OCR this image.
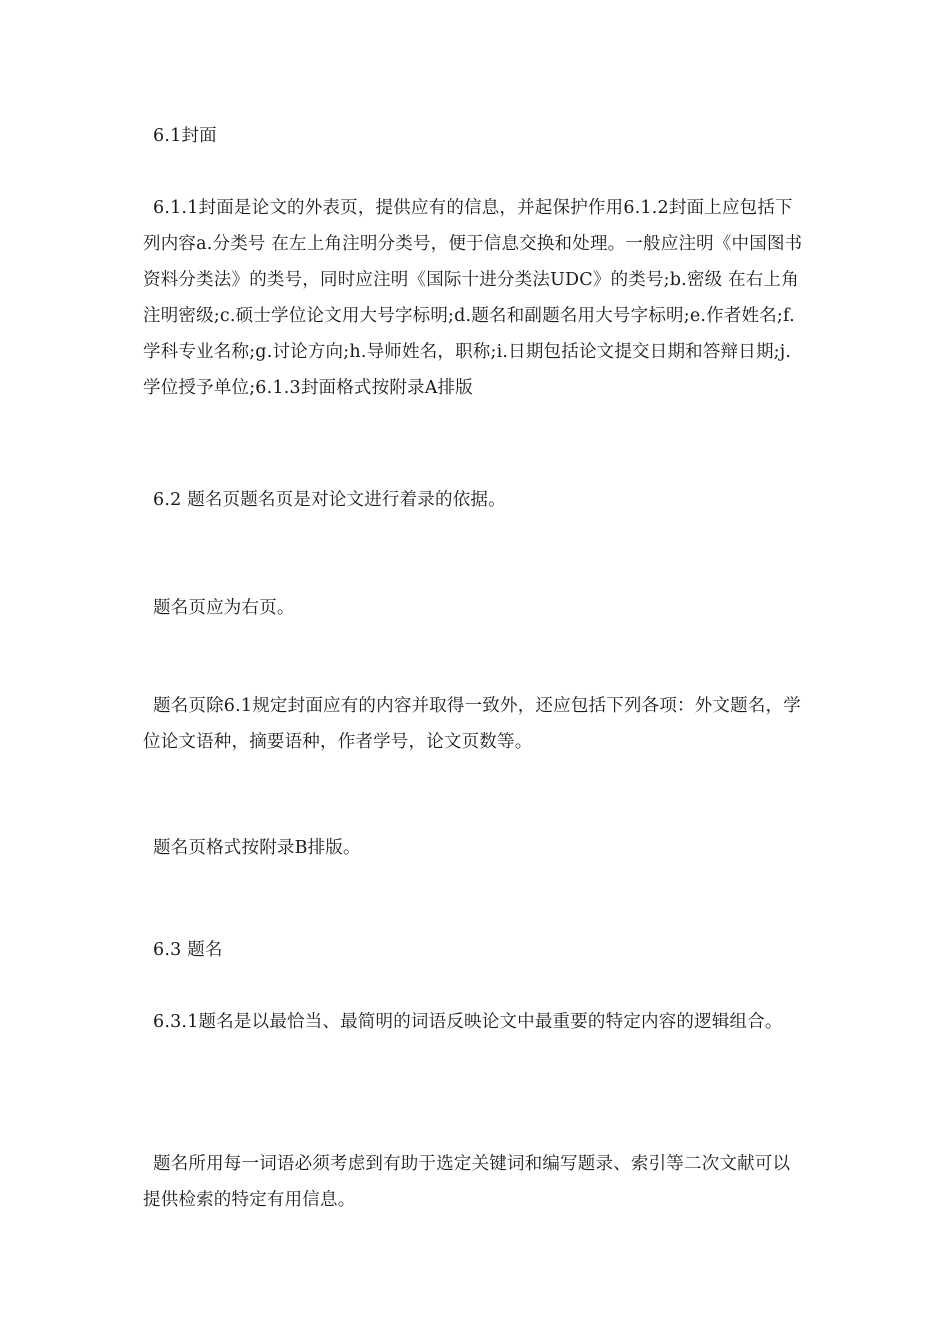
6.1封面

6.1.1封面是论文的外表页，提供应有的信息，并起保护作用6.1.2封面上应包括下列内容a.分类号 在左上角注明分类号，便于信息交换和处理。一般应注明《中国图书资料分类法》的类号，同时应注明《国际十进分类法UDC》的类号;b.密级 在右上角注明密级;c.硕士学位论文用大号字标明;d.题名和副题名用大号字标明;e.作者姓名;f.学科专业名称;g.讨论方向;h.导师姓名，职称;i.日期包括论文提交日期和答辩日期;j.学位授予单位;6.1.3封面格式按附录A排版

6.2 题名页题名页是对论文进行着录的依据。

题名页应为右页。

题名页除6.1规定封面应有的内容并取得一致外，还应包括下列各项：外文题名，学位论文语种，摘要语种，作者学号，论文页数等。

题名页格式按附录B排版。

6.3 题名

6.3.1题名是以最恰当、最简明的词语反映论文中最重要的特定内容的逻辑组合。

题名所用每一词语必须考虑到有助于选定关键词和编写题录、索引等二次文献可以提供检索的特定有用信息。
